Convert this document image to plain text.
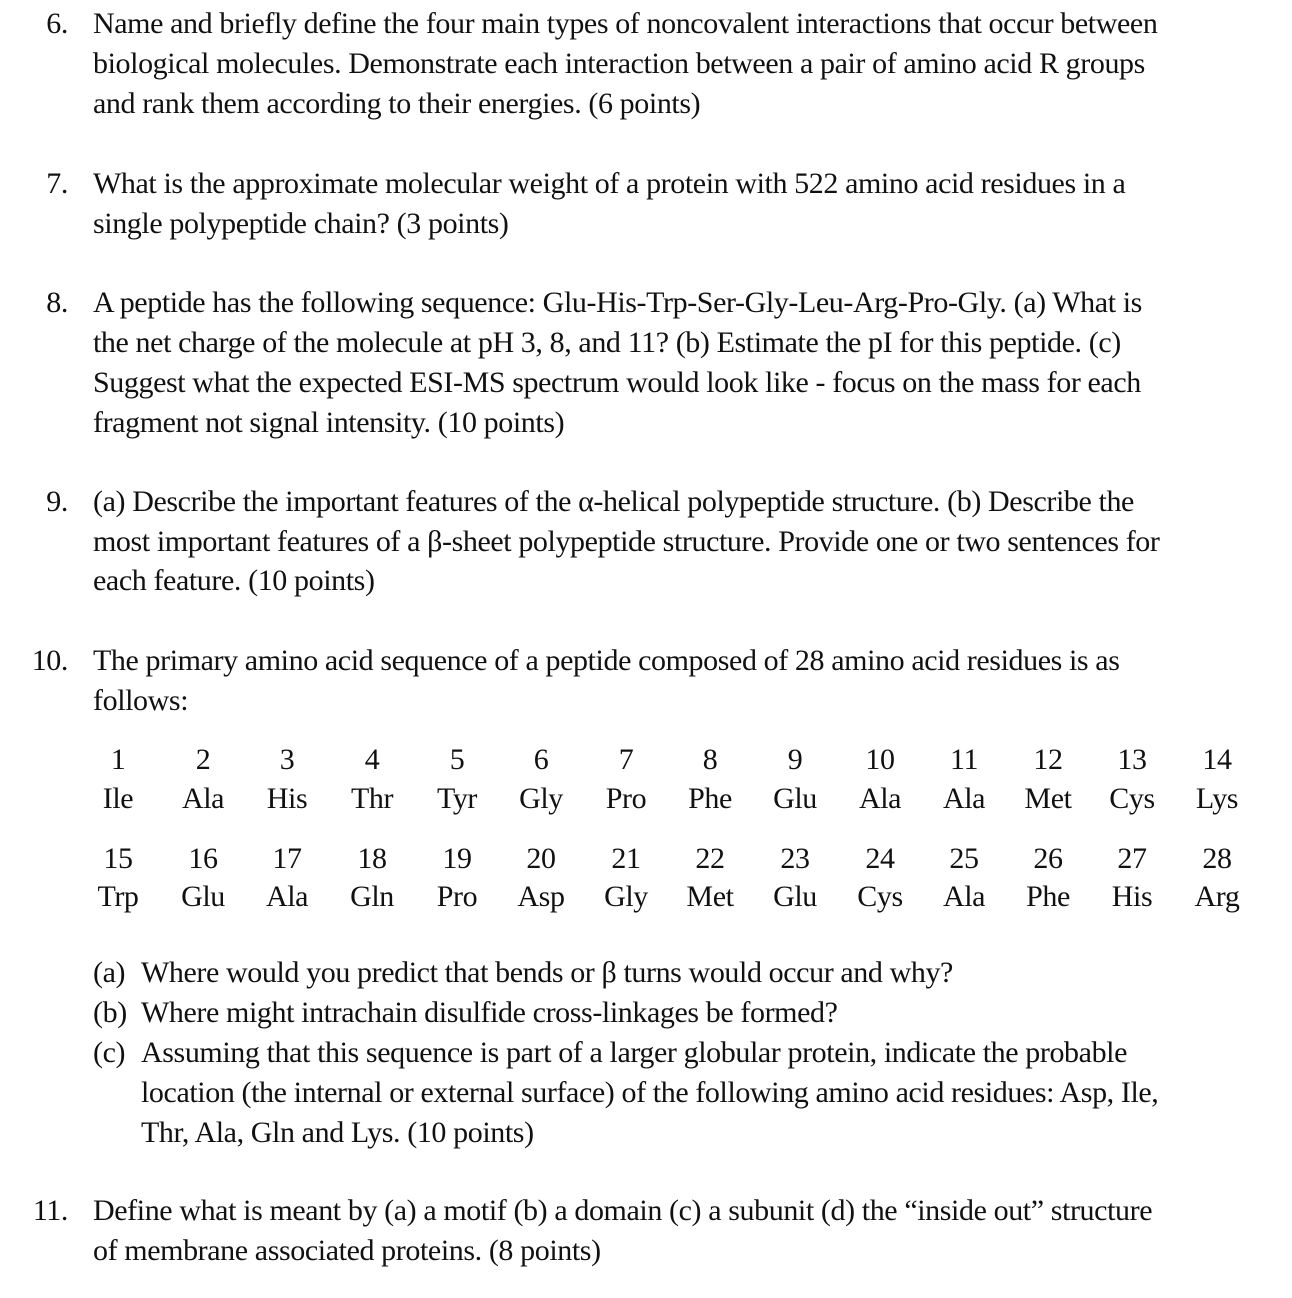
6. Name and briefly define the four main types of noncovalent interactions that occur between
biological molecules. Demonstrate each interaction between a pair of amino acid R groups
and rank them according to their energies. (6 points)
7. What is the approximate molecular weight of a protein with 522 amino acid residues in a
single polypeptide chain? (3 points)
8. A peptide has the following sequence: Glu-His-Trp-Ser-Gly-Leu-Arg-Pro-Gly. (a) What is
the net charge of the molecule at pH 3, 8, and 11? (b) Estimate the pI for this peptide. (c)
Suggest what the expected ESI-MS spectrum would look like - focus on the mass for each
fragment not signal intensity. (10 points)
9. (a) Describe the important features of the α-helical polypeptide structure. (b) Describe the
most important features of a β-sheet polypeptide structure. Provide one or two sentences for
each feature. (10 points)
10. The primary amino acid sequence of a peptide composed of 28 amino acid residues is as
follows:
1
Ile
2
Ala
3
His
4
Thr
5
Tyr
6
Gly
7
Pro
8
Phe
9
Glu
10
Ala
11
Ala
12
Met
13
Cys
14
Lys
15
Trp
16
Glu
17
Ala
18
Gln
19
Pro
20
Asp
21
Gly
22
Met
23
Glu
24
Cys
25
Ala
26
Phe
27
His
28
Arg
(a) Where would you predict that bends or β turns would occur and why?
(b) Where might intrachain disulfide cross-linkages be formed?
(c) Assuming that this sequence is part of a larger globular protein, indicate the probable
location (the internal or external surface) of the following amino acid residues: Asp, Ile,
Thr, Ala, Gln and Lys. (10 points)
11. Define what is meant by (a) a motif (b) a domain (c) a subunit (d) the “inside out” structure
of membrane associated proteins. (8 points)
